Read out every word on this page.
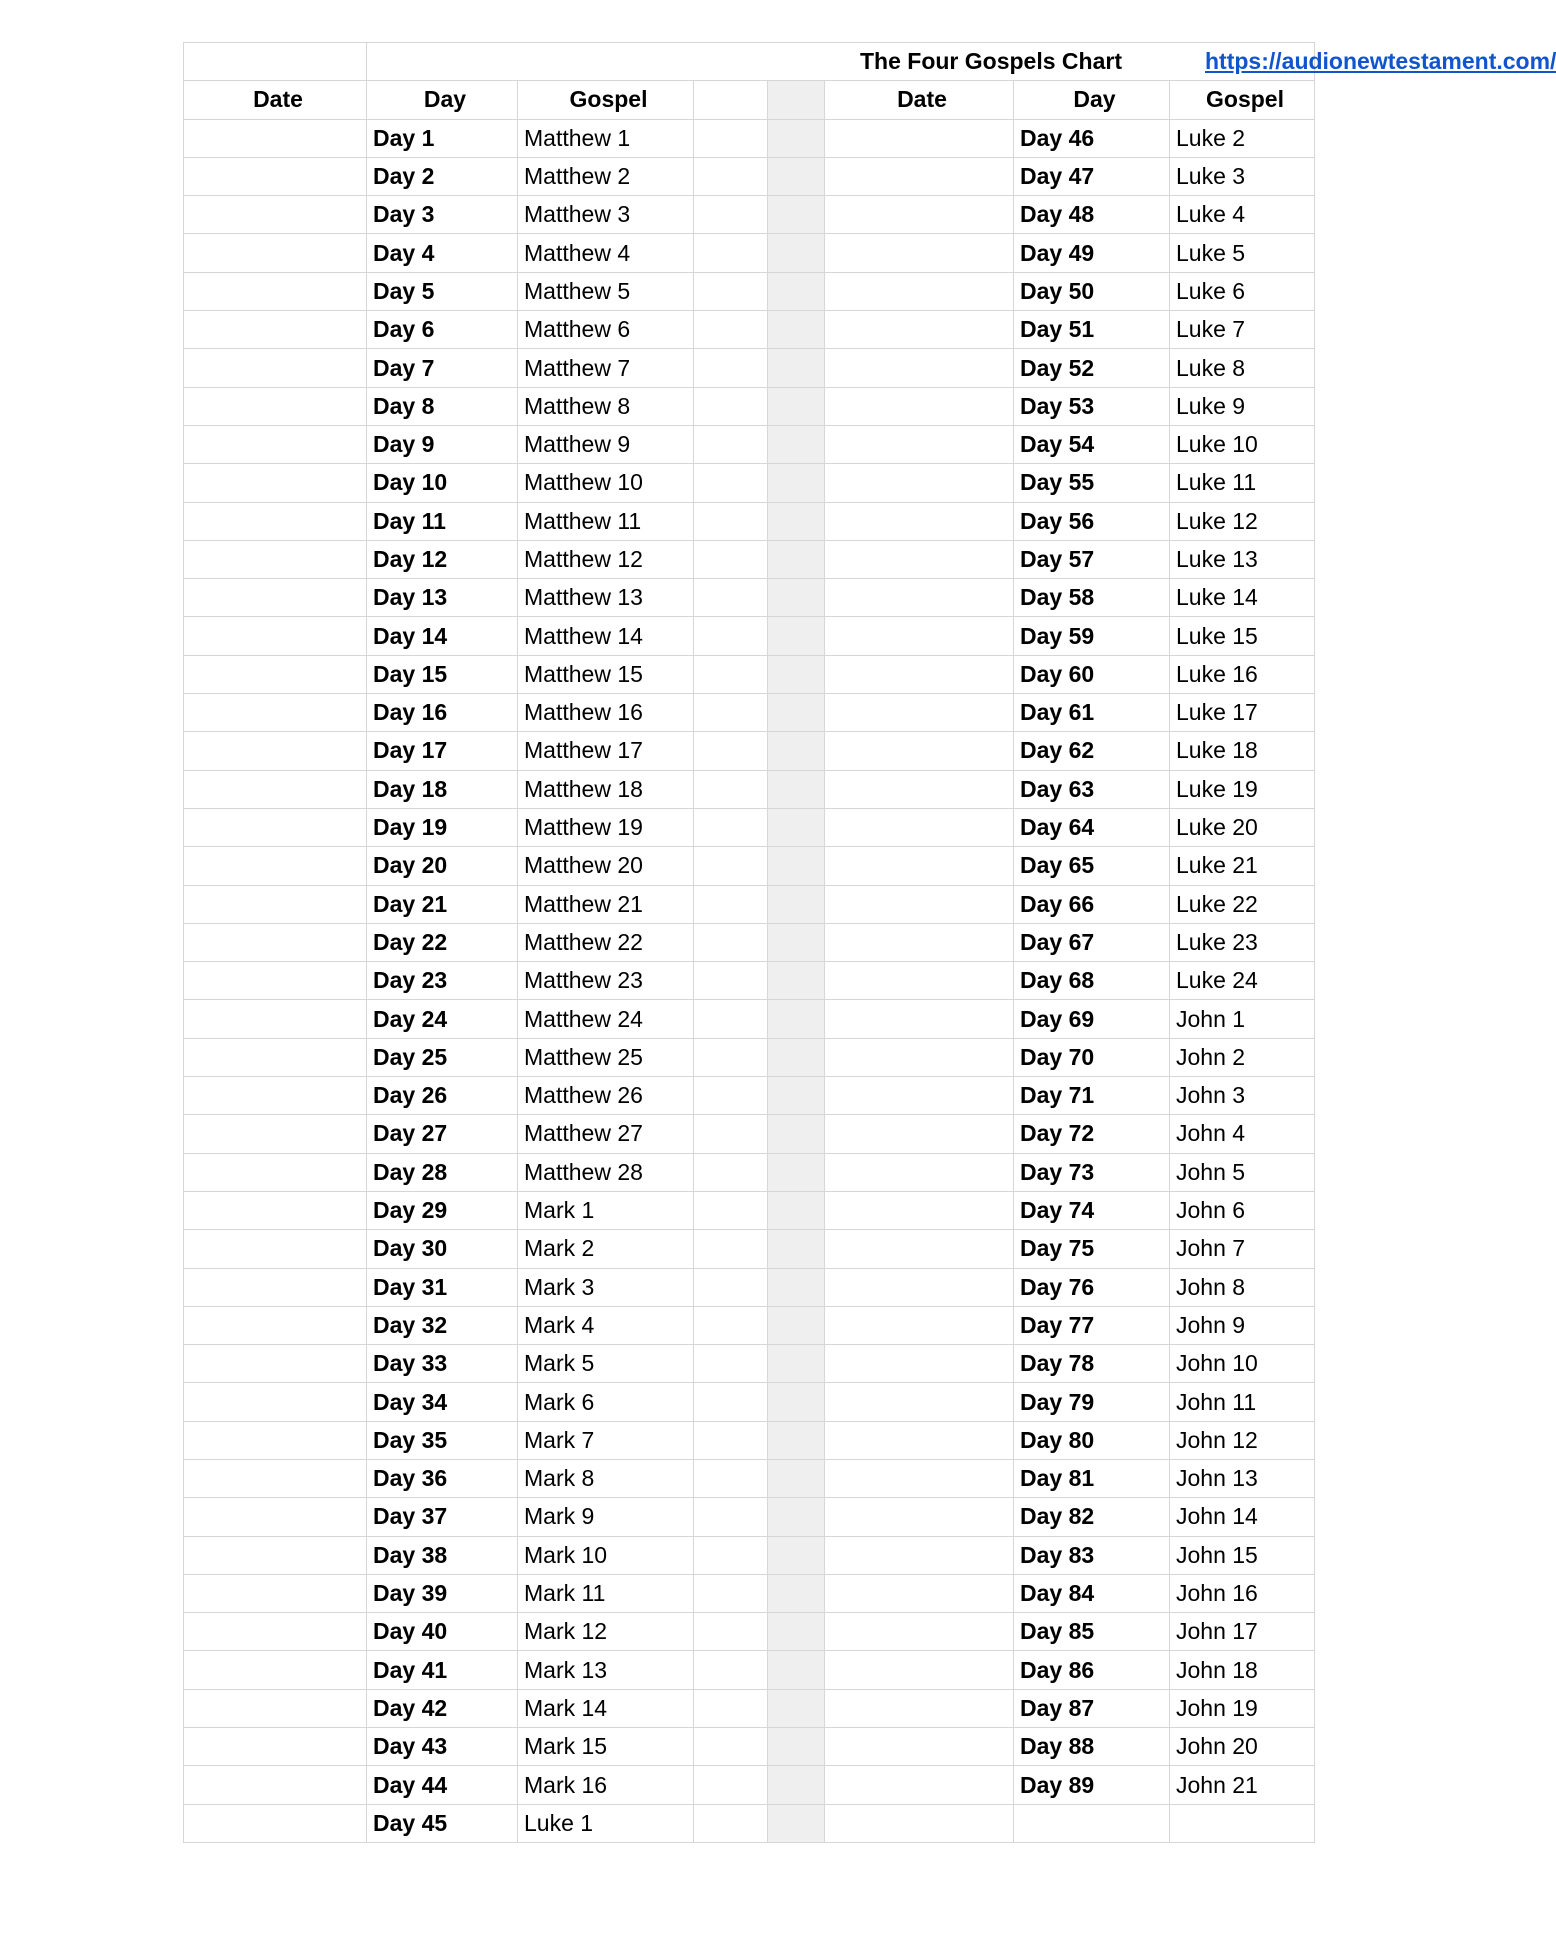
	The Four Gospels Chart https://audionewtestament.com/						

Date	Day	Gospel			Date	Day	Gospel
	Day 1	Matthew 1				Day 46	Luke 2
	Day 2	Matthew 2				Day 47	Luke 3
	Day 3	Matthew 3				Day 48	Luke 4
	Day 4	Matthew 4				Day 49	Luke 5
	Day 5	Matthew 5				Day 50	Luke 6
	Day 6	Matthew 6				Day 51	Luke 7
	Day 7	Matthew 7				Day 52	Luke 8
	Day 8	Matthew 8				Day 53	Luke 9
	Day 9	Matthew 9				Day 54	Luke 10
	Day 10	Matthew 10				Day 55	Luke 11
	Day 11	Matthew 11				Day 56	Luke 12
	Day 12	Matthew 12				Day 57	Luke 13
	Day 13	Matthew 13				Day 58	Luke 14
	Day 14	Matthew 14				Day 59	Luke 15
	Day 15	Matthew 15				Day 60	Luke 16
	Day 16	Matthew 16				Day 61	Luke 17
	Day 17	Matthew 17				Day 62	Luke 18
	Day 18	Matthew 18				Day 63	Luke 19
	Day 19	Matthew 19				Day 64	Luke 20
	Day 20	Matthew 20				Day 65	Luke 21
	Day 21	Matthew 21				Day 66	Luke 22
	Day 22	Matthew 22				Day 67	Luke 23
	Day 23	Matthew 23				Day 68	Luke 24
	Day 24	Matthew 24				Day 69	John 1
	Day 25	Matthew 25				Day 70	John 2
	Day 26	Matthew 26				Day 71	John 3
	Day 27	Matthew 27				Day 72	John 4
	Day 28	Matthew 28				Day 73	John 5
	Day 29	Mark 1				Day 74	John 6
	Day 30	Mark 2				Day 75	John 7
	Day 31	Mark 3				Day 76	John 8
	Day 32	Mark 4				Day 77	John 9
	Day 33	Mark 5				Day 78	John 10
	Day 34	Mark 6				Day 79	John 11
	Day 35	Mark 7				Day 80	John 12
	Day 36	Mark 8				Day 81	John 13
	Day 37	Mark 9				Day 82	John 14
	Day 38	Mark 10				Day 83	John 15
	Day 39	Mark 11				Day 84	John 16
	Day 40	Mark 12				Day 85	John 17
	Day 41	Mark 13				Day 86	John 18
	Day 42	Mark 14				Day 87	John 19
	Day 43	Mark 15				Day 88	John 20
	Day 44	Mark 16				Day 89	John 21
	Day 45	Luke 1					
